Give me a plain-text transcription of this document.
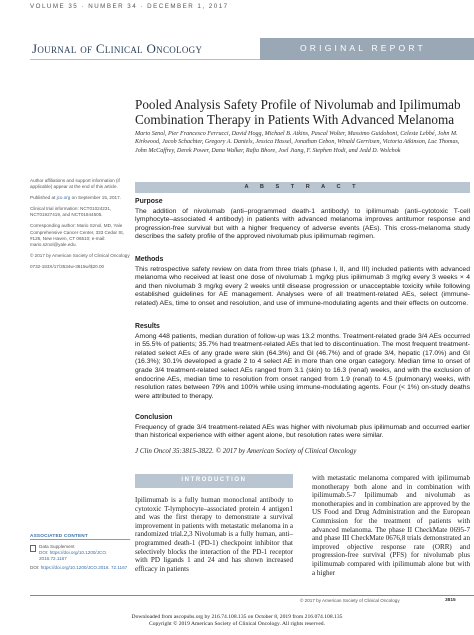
VOLUME 35 · NUMBER 34 · DECEMBER 1, 2017
Journal of Clinical Oncology	ORIGINAL REPORT
Pooled Analysis Safety Profile of Nivolumab and Ipilimumab Combination Therapy in Patients With Advanced Melanoma
Mario Sznol, Pier Francesco Ferrucci, David Hogg, Michael B. Atkins, Pascal Wolter, Massimo Guidoboni, Celeste Lebbé, John M. Kirkwood, Jacob Schachter, Gregory A. Daniels, Jessica Hassel, Jonathan Cebon, Winald Gerritsen, Victoria Atkinson, Luc Thomas, John McCaffrey, Derek Power, Dana Walker, Rafia Bhore, Joel Jiang, F. Stephen Hodi, and Jedd D. Wolchok

Author affiliations and support information (if applicable) appear at the end of this article.

Published at jco.org on September 15, 2017.

Clinical trial information: NCT01024231, NCT01927419, and NCT01844505.

Corresponding author: Mario Sznol, MD, Yale Comprehensive Cancer Center, 333 Cedar St, #126, New Haven, CT 06510; e-mail: mario.sznol@yale.edu.

© 2017 by American Society of Clinical Oncology

0732-183X/17/3534w-3815w/$20.00

A B S T R A C T
Purpose

The addition of nivolumab (anti–programmed death-1 antibody) to ipilimumab (anti–cytotoxic T-cell lymphocyte–associated 4 antibody) in patients with advanced melanoma improves antitumor response and progression-free survival but with a higher frequency of adverse events (AEs). This cross-melanoma study describes the safety profile of the approved nivolumab plus ipilimumab regimen.

Methods

This retrospective safety review on data from three trials (phase I, II, and III) included patients with advanced melanoma who received at least one dose of nivolumab 1 mg/kg plus ipilimumab 3 mg/kg every 3 weeks × 4 and then nivolumab 3 mg/kg every 2 weeks until disease progression or unacceptable toxicity while following established guidelines for AE management. Analyses were of all treatment-related AEs, select (immune-related) AEs, time to onset and resolution, and use of immune-modulating agents and their effects on outcome.

Results

Among 448 patients, median duration of follow-up was 13.2 months. Treatment-related grade 3/4 AEs occurred in 55.5% of patients; 35.7% had treatment-related AEs that led to discontinuation. The most frequent treatment-related select AEs of any grade were skin (64.3%) and GI (46.7%) and of grade 3/4, hepatic (17.0%) and GI (16.3%); 30.1% developed a grade 2 to 4 select AE in more than one organ category. Median time to onset of grade 3/4 treatment-related select AEs ranged from 3.1 (skin) to 16.3 (renal) weeks, and with the exclusion of endocrine AEs, median time to resolution from onset ranged from 1.9 (renal) to 4.5 (pulmonary) weeks, with resolution rates between 79% and 100% while using immune-modulating agents. Four (< 1%) on-study deaths were attributed to therapy.

Conclusion

Frequency of grade 3/4 treatment-related AEs was higher with nivolumab plus ipilimumab and occurred earlier than historical experience with either agent alone, but resolution rates were similar.

J Clin Oncol 35:3815-3822. © 2017 by American Society of Clinical Oncology
INTRODUCTION
Ipilimumab is a fully human monoclonal antibody to cytotoxic T-lymphocyte–associated protein 4 antigen1 and was the first therapy to demonstrate a survival improvement in patients with metastatic melanoma in a randomized trial.2,3 Nivolumab is a fully human, anti–programmed death-1 (PD-1) checkpoint inhibitor that selectively blocks the interaction of the PD-1 receptor with PD ligands 1 and 24 and has shown increased efficacy in patients
with metastatic melanoma compared with ipilimumab monotherapy both alone and in combination with ipilimumab.5-7 Ipilimumab and nivolumab as monotherapies and in combination are approved by the US Food and Drug Administration and the European Commission for the treatment of patients with advanced melanoma. The phase II CheckMate 0695-7 and phase III CheckMate 0676,8 trials demonstrated an improved objective response rate (ORR) and progression-free survival (PFS) for nivolumab plus ipilimumab compared with ipilimumab alone but with a higher
ASSOCIATED CONTENT
Data Supplement
DOI: https://doi.org/10.1200/JCO. 2016.72.1167
DOI: https://doi.org/10.1200/JCO.2016. 72.1167
© 2017 by American Society of Clinical Oncology	3815
Downloaded from ascopubs.org by 216.74.108.135 on October 8, 2019 from 216.074.108.135
Copyright © 2019 American Society of Clinical Oncology. All rights reserved.
